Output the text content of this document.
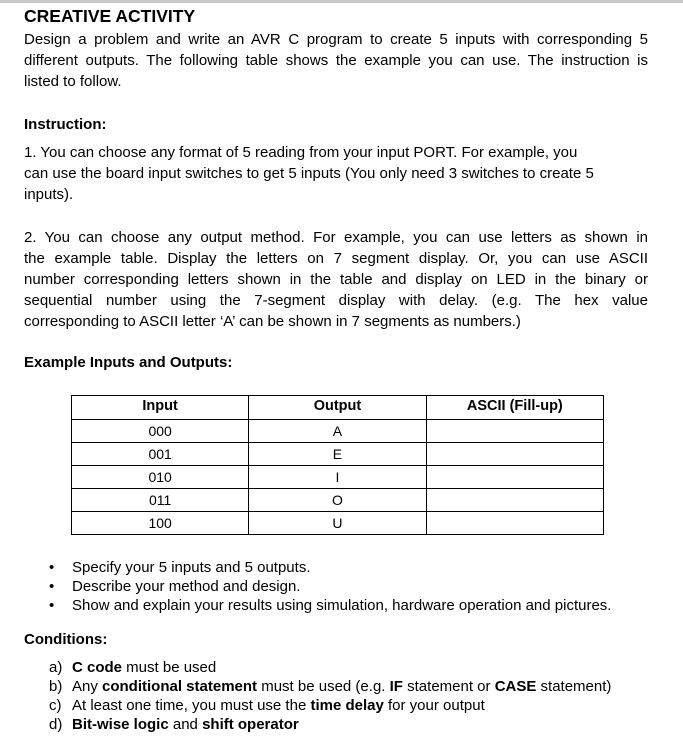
CREATIVE ACTIVITY
Design a problem and write an AVR C program to create 5 inputs with corresponding 5
different outputs. The following table shows the example you can use. The instruction is
listed to follow.
Instruction:
1. You can choose any format of 5 reading from your input PORT. For example, you
can use the board input switches to get 5 inputs (You only need 3 switches to create 5
inputs).
2. You can choose any output method. For example, you can use letters as shown in
the example table. Display the letters on 7 segment display. Or, you can use ASCII
number corresponding letters shown in the table and display on LED in the binary or
sequential number using the 7-segment display with delay. (e.g. The hex value
corresponding to ASCII letter ‘A’ can be shown in 7 segments as numbers.)
Example Inputs and Outputs:
Input	Output	ASCII (Fill-up)
000	A	
001	E	
010	I	
011	O	
100	U	
• Specify your 5 inputs and 5 outputs.
• Describe your method and design.
• Show and explain your results using simulation, hardware operation and pictures.
Conditions:
a) C code must be used
b) Any conditional statement must be used (e.g. IF statement or CASE statement)
c) At least one time, you must use the time delay for your output
d) Bit-wise logic and shift operator
